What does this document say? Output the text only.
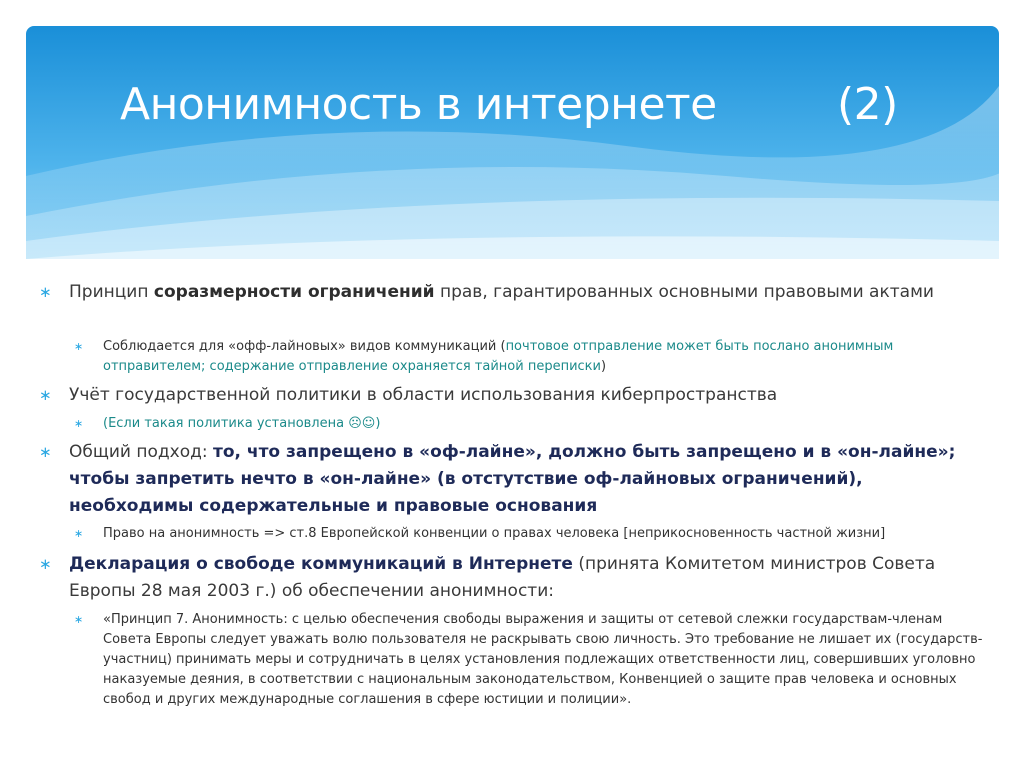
Анонимность в интернете	(2)

∗ Принцип соразмерности ограничений прав, гарантированных основными правовыми актами

∗ Соблюдается для «офф-лайновых» видов коммуникаций (почтовое отправление может быть послано анонимным отправителем; содержание отправление охраняется тайной переписки)

∗ Учёт государственной политики в области использования киберпространства

∗ (Если такая политика установлена ☹☺)

∗ Общий подход: то, что запрещено в «оф-лайне», должно быть запрещено и в «он-лайне»; чтобы запретить нечто в «он-лайне» (в отстутствие оф-лайновых ограничений), необходимы содержательные и правовые основания

∗ Право на анонимность => ст.8 Европейской конвенции о правах человека [неприкосновенность частной жизни]

∗ Декларация о свободе коммуникаций в Интернете (принята Комитетом министров Совета Европы 28 мая 2003 г.) об обеспечении анонимности:

∗ «Принцип 7. Анонимность: с целью обеспечения свободы выражения и защиты от сетевой слежки государствам-членам Совета Европы следует уважать волю пользователя не раскрывать свою личность. Это требование не лишает их (государств-участниц) принимать меры и сотрудничать в целях установления подлежащих ответственности лиц, совершивших уголовно наказуемые деяния, в соответствии с национальным законодательством, Конвенцией о защите прав человека и основных свобод и других международные соглашения в сфере юстиции и полиции».
